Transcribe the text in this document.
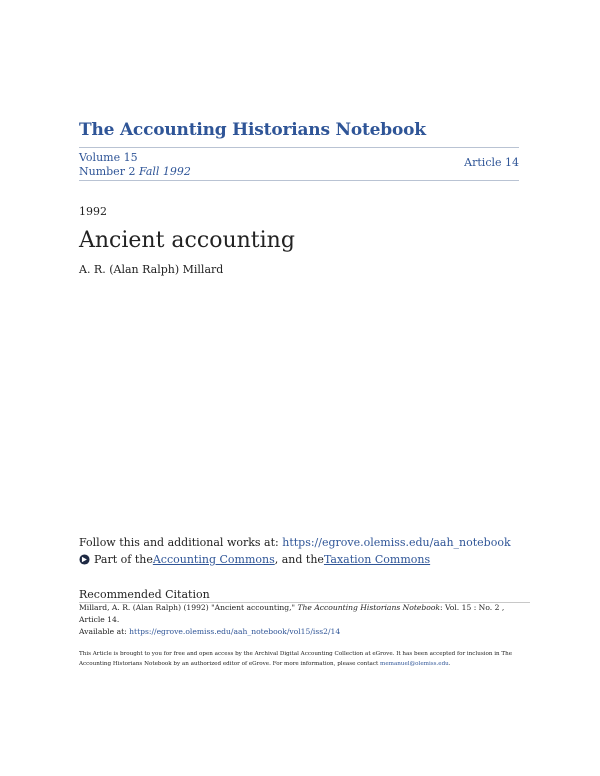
The Accounting Historians Notebook
Volume 15
Number 2 Fall 1992
Article 14
1992
Ancient accounting
A. R. (Alan Ralph) Millard
Follow this and additional works at: https://egrove.olemiss.edu/aah_notebook
Part of the Accounting Commons , and the Taxation Commons
Recommended Citation
Millard, A. R. (Alan Ralph) (1992) "Ancient accounting," The Accounting Historians Notebook: Vol. 15 : No. 2 , Article 14.
Available at: https://egrove.olemiss.edu/aah_notebook/vol15/iss2/14
This Article is brought to you for free and open access by the Archival Digital Accounting Collection at eGrove. It has been accepted for inclusion in The Accounting Historians Notebook by an authorized editor of eGrove. For more information, please contact memanuel@olemiss.edu.
